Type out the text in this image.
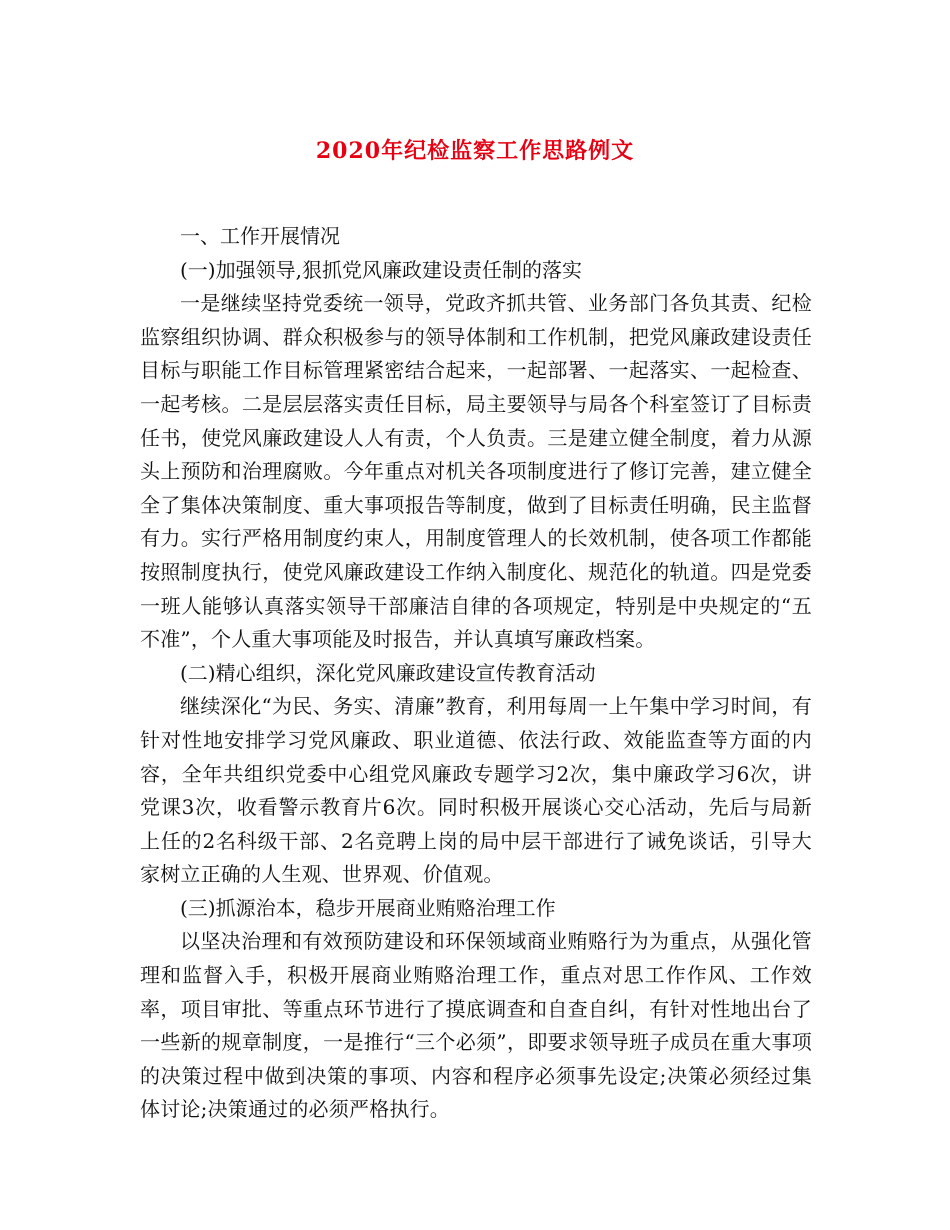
2020年纪检监察工作思路例文

一、工作开展情况

(一)加强领导,狠抓党风廉政建设责任制的落实

一是继续坚持党委统一领导，党政齐抓共管、业务部门各负其责、纪检监察组织协调、群众积极参与的领导体制和工作机制，把党风廉政建设责任目标与职能工作目标管理紧密结合起来，一起部署、一起落实、一起检查、一起考核。二是层层落实责任目标，局主要领导与局各个科室签订了目标责任书，使党风廉政建设人人有责，个人负责。三是建立健全制度，着力从源头上预防和治理腐败。今年重点对机关各项制度进行了修订完善，建立健全全了集体决策制度、重大事项报告等制度，做到了目标责任明确，民主监督有力。实行严格用制度约束人，用制度管理人的长效机制，使各项工作都能按照制度执行，使党风廉政建设工作纳入制度化、规范化的轨道。四是党委一班人能够认真落实领导干部廉洁自律的各项规定，特别是中央规定的“五不准”，个人重大事项能及时报告，并认真填写廉政档案。

(二)精心组织，深化党风廉政建设宣传教育活动

继续深化“为民、务实、清廉”教育，利用每周一上午集中学习时间，有针对性地安排学习党风廉政、职业道德、依法行政、效能监查等方面的内容，全年共组织党委中心组党风廉政专题学习2次，集中廉政学习6次，讲党课3次，收看警示教育片6次。同时积极开展谈心交心活动，先后与局新上任的2名科级干部、2名竞聘上岗的局中层干部进行了诫免谈话，引导大家树立正确的人生观、世界观、价值观。

(三)抓源治本，稳步开展商业贿赂治理工作

以坚决治理和有效预防建设和环保领域商业贿赂行为为重点，从强化管理和监督入手，积极开展商业贿赂治理工作，重点对思工作作风、工作效率，项目审批、等重点环节进行了摸底调查和自查自纠，有针对性地出台了一些新的规章制度，一是推行“三个必须”，即要求领导班子成员在重大事项的决策过程中做到决策的事项、内容和程序必须事先设定;决策必须经过集体讨论;决策通过的必须严格执行。
